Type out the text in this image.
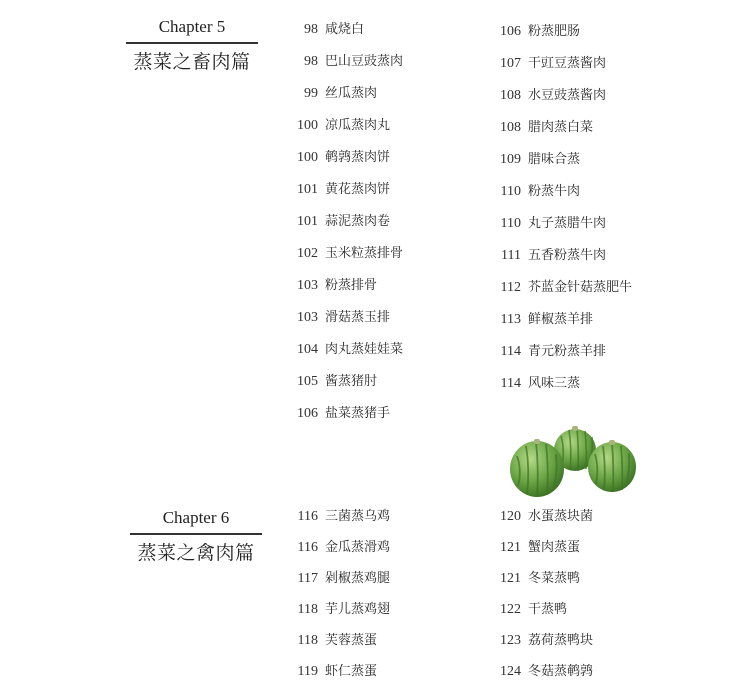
Chapter 5
蒸菜之畜肉篇
98 咸烧白
98 巴山豆豉蒸肉
99 丝瓜蒸肉
100 凉瓜蒸肉丸
100 鹌鹑蒸肉饼
101 黄花蒸肉饼
101 蒜泥蒸肉卷
102 玉米粒蒸排骨
103 粉蒸排骨
103 滑菇蒸玉排
104 肉丸蒸娃娃菜
105 酱蒸猪肘
106 盐菜蒸猪手
106 粉蒸肥肠
107 干豇豆蒸酱肉
108 水豆豉蒸酱肉
108 腊肉蒸白菜
109 腊味合蒸
110 粉蒸牛肉
110 丸子蒸腊牛肉
111 五香粉蒸牛肉
112 芥蓝金针菇蒸肥牛
113 鲜椒蒸羊排
114 青元粉蒸羊排
114 风味三蒸
Chapter 6
蒸菜之禽肉篇
116 三菌蒸乌鸡
116 金瓜蒸滑鸡
117 剁椒蒸鸡腿
118 芋儿蒸鸡翅
118 芙蓉蒸蛋
119 虾仁蒸蛋
120 水蛋蒸块菌
121 蟹肉蒸蛋
121 冬菜蒸鸭
122 干蒸鸭
123 荔荷蒸鸭块
124 冬菇蒸鹌鹑
